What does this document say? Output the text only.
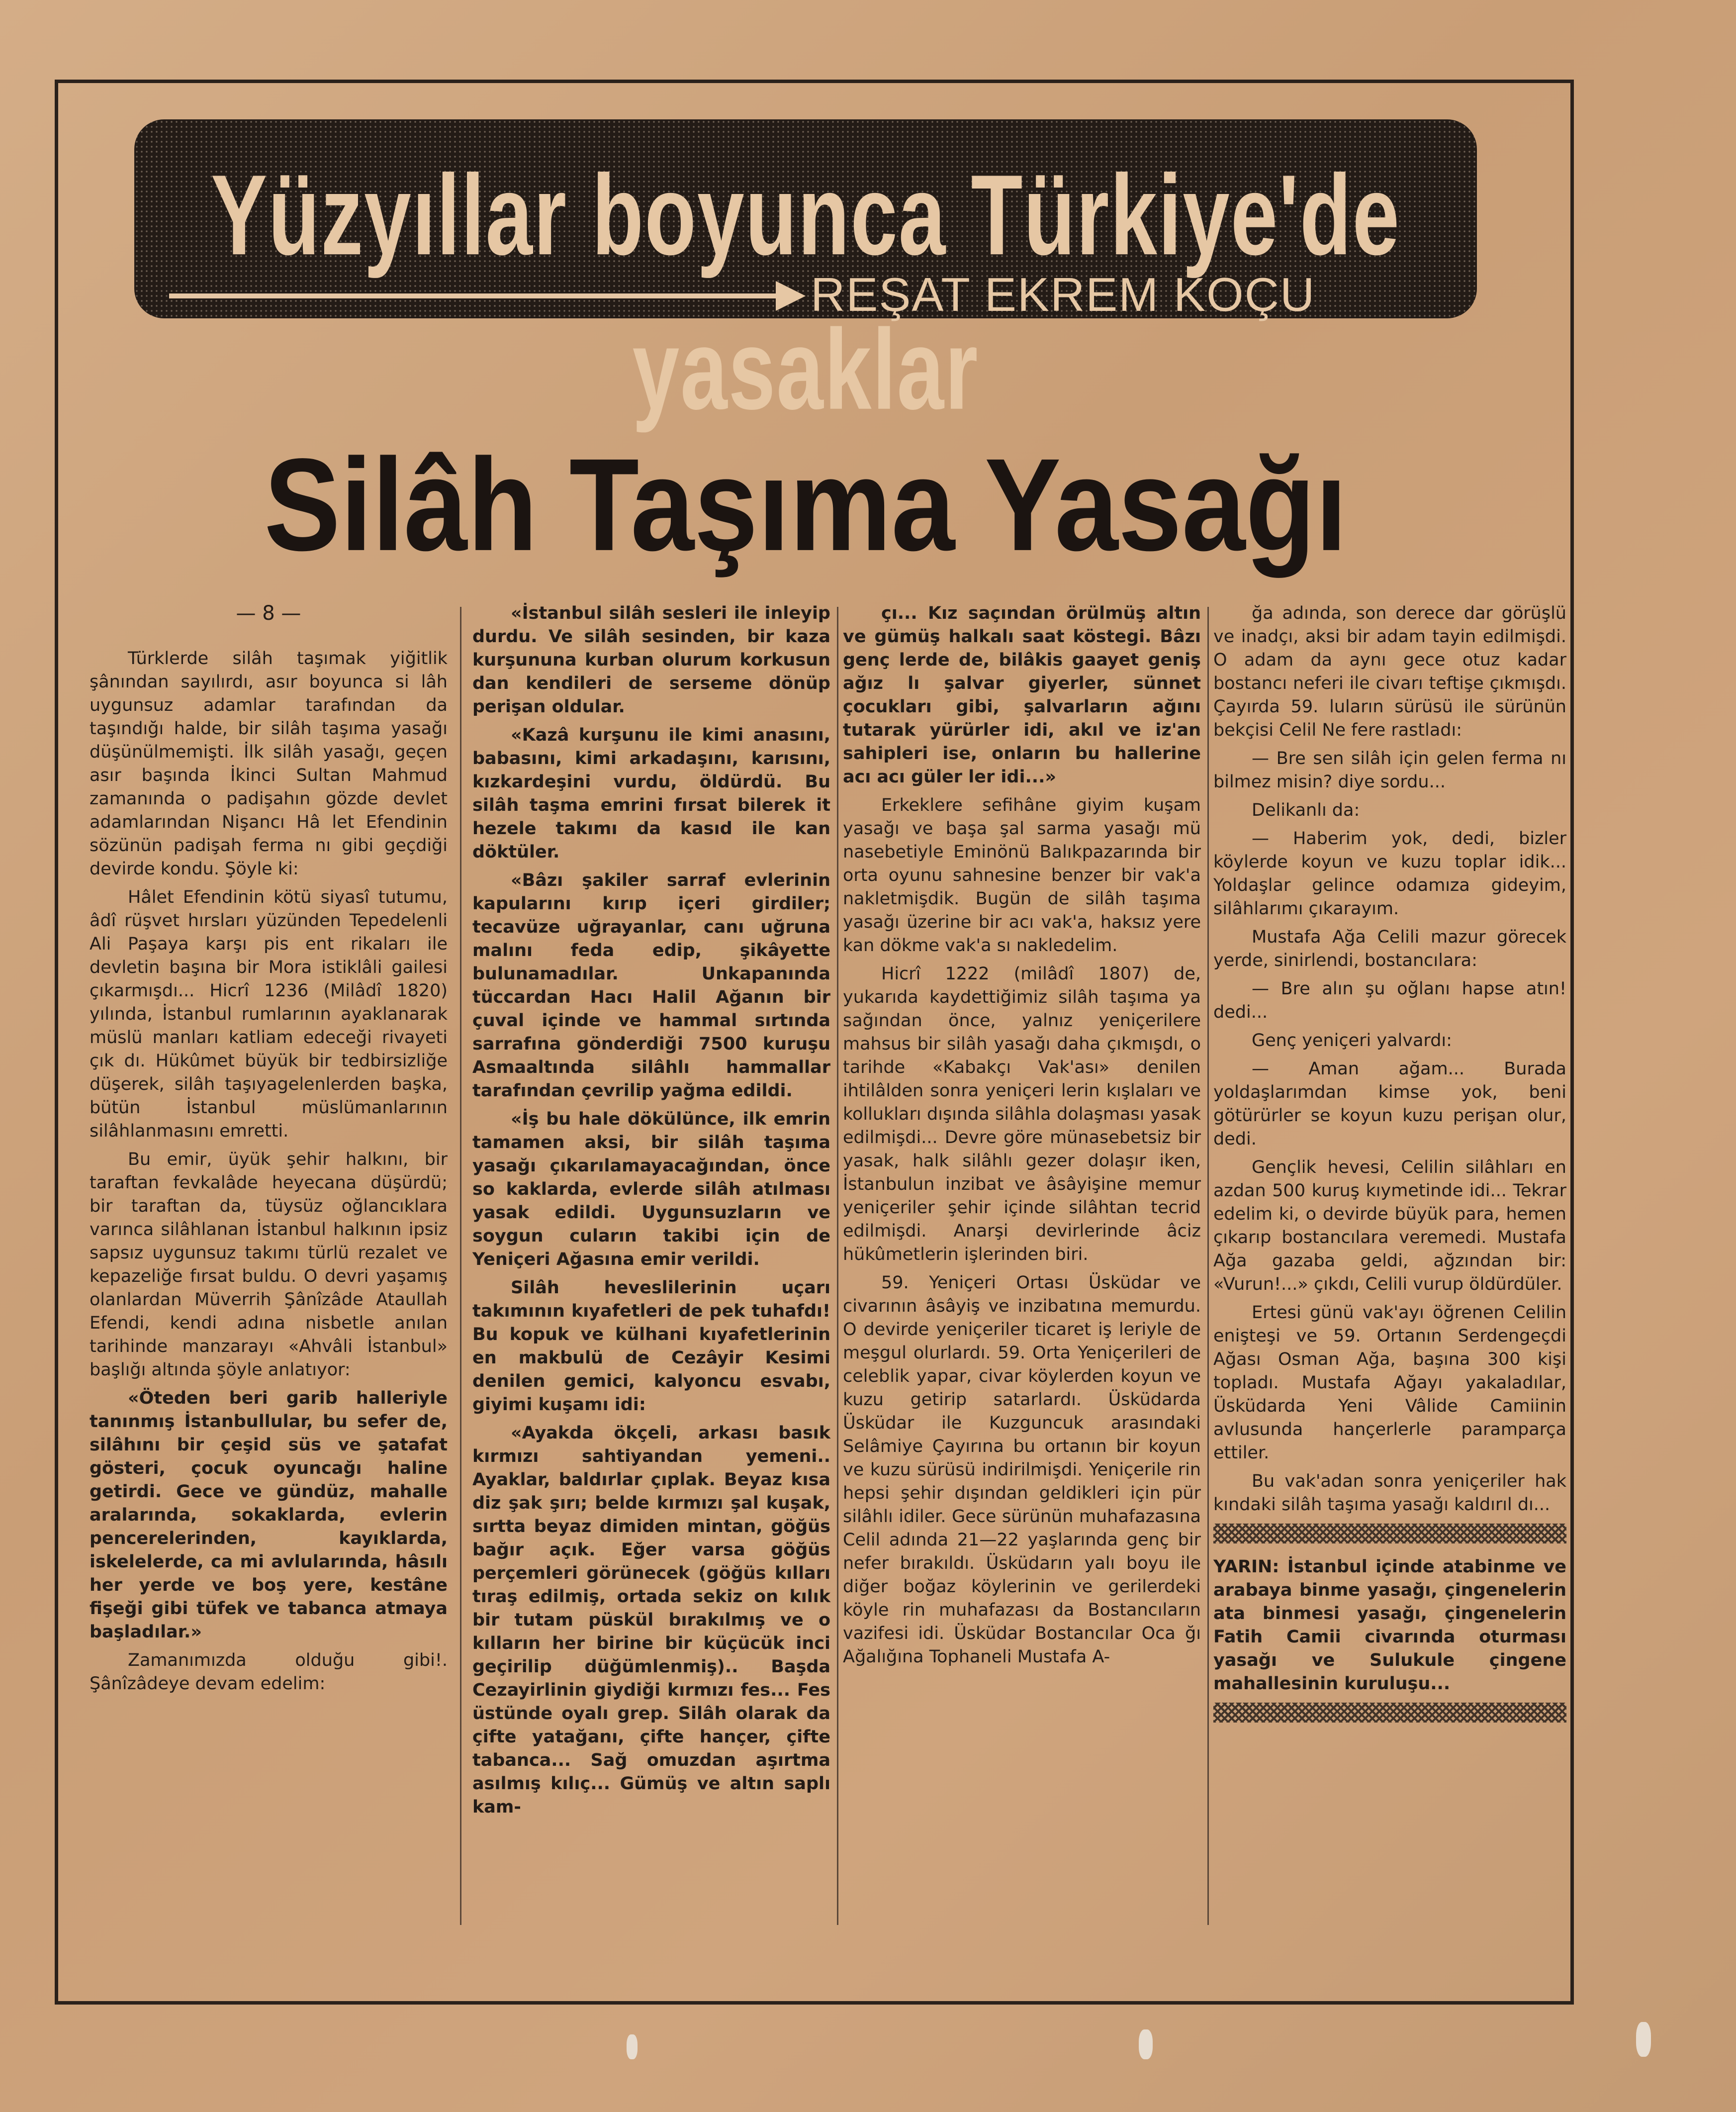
Yüzyıllar boyunca Türkiye'de yasaklar
REŞAT EKREM KOÇU
Silâh Taşıma Yasağı

— 8 —

Türklerde silâh taşımak yiğitlik şânından sayılırdı, asır boyunca si lâh uygunsuz adamlar tarafından da taşındığı halde, bir silâh taşıma yasağı düşünülmemişti. İlk silâh yasağı, geçen asır başında İkinci Sultan Mahmud zamanında o padişahın gözde devlet adamlarından Nişancı Hâ let Efendinin sözünün padişah ferma nı gibi geçdiği devirde kondu. Şöyle ki:

Hâlet Efendinin kötü siyasî tutumu, âdî rüşvet hırsları yüzünden Tepedelenli Ali Paşaya karşı pis ent rikaları ile devletin başına bir Mora istiklâli gailesi çıkarmışdı... Hicrî 1236 (Milâdî 1820) yılında, İstanbul rumlarının ayaklanarak müslü manları katliam edeceği rivayeti çık dı. Hükûmet büyük bir tedbirsizliğe düşerek, silâh taşıyagelenlerden başka, bütün İstanbul müslümanlarının silâhlanmasını emretti.

Bu emir, üyük şehir halkını, bir taraftan fevkalâde heyecana düşürdü; bir taraftan da, tüysüz oğlancıklara varınca silâhlanan İstanbul halkının ipsiz sapsız uygunsuz takımı türlü rezalet ve kepazeliğe fırsat buldu. O devri yaşamış olanlardan Müverrih Şânîzâde Ataullah Efendi, kendi adına nisbetle anılan tarihinde manzarayı «Ahvâli İstanbul» başlığı altında şöyle anlatıyor:

«Öteden beri garib halleriyle tanınmış İstanbullular, bu sefer de, silâhını bir çeşid süs ve şatafat gösteri, çocuk oyuncağı haline getirdi. Gece ve gündüz, mahalle aralarında, sokaklarda, evlerin pencerelerinden, kayıklarda, iskelelerde, ca mi avlularında, hâsılı her yerde ve boş yere, kestâne fişeği gibi tüfek ve tabanca atmaya başladılar.»

Zamanımızda olduğu gibi!. Şânîzâdeye devam edelim:

«İstanbul silâh sesleri ile inleyip durdu. Ve silâh sesinden, bir kaza kurşununa kurban olurum korkusun dan kendileri de serseme dönüp perişan oldular.

«Kazâ kurşunu ile kimi anasını, babasını, kimi arkadaşını, karısını, kızkardeşini vurdu, öldürdü. Bu silâh taşma emrini fırsat bilerek it hezele takımı da kasıd ile kan döktüler.

«Bâzı şakiler sarraf evlerinin kapularını kırıp içeri girdiler; tecavüze uğrayanlar, canı uğruna malını feda edip, şikâyette bulunamadılar. Unkapanında tüccardan Hacı Halil Ağanın bir çuval içinde ve hammal sırtında sarrafına gönderdiği 7500 kuruşu Asmaaltında silâhlı hammallar tarafından çevrilip yağma edildi.

«İş bu hale dökülünce, ilk emrin tamamen aksi, bir silâh taşıma yasağı çıkarılamayacağından, önce so kaklarda, evlerde silâh atılması yasak edildi. Uygunsuzların ve soygun cuların takibi için de Yeniçeri Ağasına emir verildi.

Silâh heveslilerinin uçarı takımının kıyafetleri de pek tuhafdı! Bu kopuk ve külhani kıyafetlerinin en makbulü de Cezâyir Kesimi denilen gemici, kalyoncu esvabı, giyimi kuşamı idi:

«Ayakda ökçeli, arkası basık kırmızı sahtiyandan yemeni.. Ayaklar, baldırlar çıplak. Beyaz kısa diz şak şırı; belde kırmızı şal kuşak, sırtta beyaz dimiden mintan, göğüs bağır açık. Eğer varsa göğüs perçemleri görünecek (göğüs kılları tıraş edilmiş, ortada sekiz on kılık bir tutam püskül bırakılmış ve o kılların her birine bir küçücük inci geçirilip düğümlenmiş).. Başda Cezayirlinin giydiği kırmızı fes... Fes üstünde oyalı grep. Silâh olarak da çifte yatağanı, çifte hançer, çifte tabanca... Sağ omuzdan aşırtma asılmış kılıç... Gümüş ve altın saplı kam-

çı... Kız saçından örülmüş altın ve gümüş halkalı saat köstegi. Bâzı genç lerde de, bilâkis gaayet geniş ağız lı şalvar giyerler, sünnet çocukları gibi, şalvarların ağını tutarak yürürler idi, akıl ve iz'an sahipleri ise, onların bu hallerine acı acı güler ler idi...»

Erkeklere sefihâne giyim kuşam yasağı ve başa şal sarma yasağı mü nasebetiyle Eminönü Balıkpazarında bir orta oyunu sahnesine benzer bir vak'a nakletmişdik. Bugün de silâh taşıma yasağı üzerine bir acı vak'a, haksız yere kan dökme vak'a sı nakledelim.

Hicrî 1222 (milâdî 1807) de, yukarıda kaydettiğimiz silâh taşıma ya sağından önce, yalnız yeniçerilere mahsus bir silâh yasağı daha çıkmışdı, o tarihde «Kabakçı Vak'ası» denilen ihtilâlden sonra yeniçeri lerin kışlaları ve kollukları dışında silâhla dolaşması yasak edilmişdi... Devre göre münasebetsiz bir yasak, halk silâhlı gezer dolaşır iken, İstanbulun inzibat ve âsâyişine memur yeniçeriler şehir içinde silâhtan tecrid edilmişdi. Anarşi devirlerinde âciz hükûmetlerin işlerinden biri.

59. Yeniçeri Ortası Üsküdar ve civarının âsâyiş ve inzibatına memurdu. O devirde yeniçeriler ticaret iş leriyle de meşgul olurlardı. 59. Orta Yeniçerileri de celeblik yapar, civar köylerden koyun ve kuzu getirip satarlardı. Üsküdarda Üsküdar ile Kuzguncuk arasındaki Selâmiye Çayırına bu ortanın bir koyun ve kuzu sürüsü indirilmişdi. Yeniçerile rin hepsi şehir dışından geldikleri için pür silâhlı idiler. Gece sürünün muhafazasına Celil adında 21—22 yaşlarında genç bir nefer bırakıldı. Üsküdarın yalı boyu ile diğer boğaz köylerinin ve gerilerdeki köyle rin muhafazası da Bostancıların vazifesi idi. Üsküdar Bostancılar Oca ğı Ağalığına Tophaneli Mustafa A-

ğa adında, son derece dar görüşlü ve inadçı, aksi bir adam tayin edilmişdi. O adam da aynı gece otuz kadar bostancı neferi ile civarı teftişe çıkmışdı. Çayırda 59. luların sürüsü ile sürünün bekçisi Celil Ne fere rastladı:

— Bre sen silâh için gelen ferma nı bilmez misin? diye sordu...

Delikanlı da:

— Haberim yok, dedi, bizler köylerde koyun ve kuzu toplar idik... Yoldaşlar gelince odamıza gideyim, silâhlarımı çıkarayım.

Mustafa Ağa Celili mazur görecek yerde, sinirlendi, bostancılara:

— Bre alın şu oğlanı hapse atın! dedi...

Genç yeniçeri yalvardı:

— Aman ağam... Burada yoldaşlarımdan kimse yok, beni götürürler se koyun kuzu perişan olur, dedi.

Gençlik hevesi, Celilin silâhları en azdan 500 kuruş kıymetinde idi... Tekrar edelim ki, o devirde büyük para, hemen çıkarıp bostancılara veremedi. Mustafa Ağa gazaba geldi, ağzından bir: «Vurun!...» çıkdı, Celili vurup öldürdüler.

Ertesi günü vak'ayı öğrenen Celilin enişteşi ve 59. Ortanın Serdengeçdi Ağası Osman Ağa, başına 300 kişi topladı. Mustafa Ağayı yakaladılar, Üsküdarda Yeni Vâlide Camiinin avlusunda hançerlerle paramparça ettiler.

Bu vak'adan sonra yeniçeriler hak kındaki silâh taşıma yasağı kaldırıl dı...

YARIN: İstanbul içinde atabinme ve arabaya binme yasağı, çingenelerin ata binmesi yasağı, çingenelerin Fatih Camii civarında oturması yasağı ve Sulukule çingene mahallesinin kuruluşu...
